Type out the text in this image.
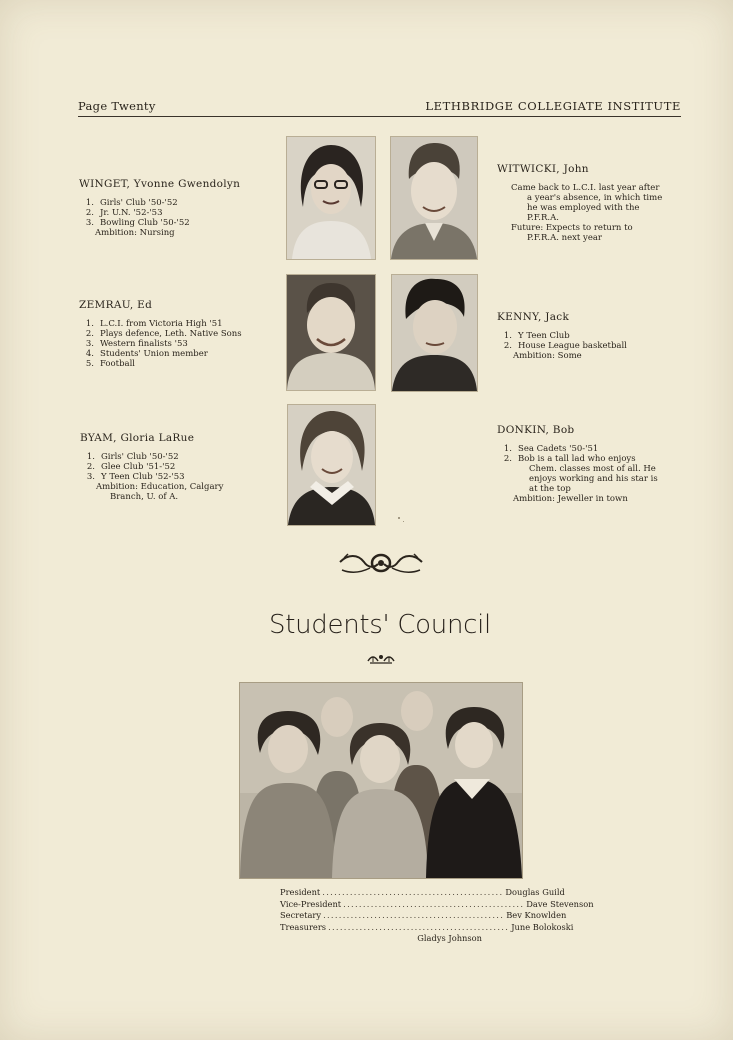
Page Twenty	LETHBRIDGE COLLEGIATE INSTITUTE
WINGET, Yvonne Gwendolyn
1. Girls' Club '50-'52
2. Jr. U.N. '52-'53
3. Bowling Club '50-'52
Ambition: Nursing
WITWICKI, John
Came back to L.C.I. last year after
a year's absence, in which time
he was employed with the
P.F.R.A.
Future: Expects to return to
P.F.R.A. next year
ZEMRAU, Ed
1. L.C.I. from Victoria High '51
2. Plays defence, Leth. Native Sons
3. Western finalists '53
4. Students' Union member
5. Football
KENNY, Jack
1. Y Teen Club
2. House League basketball
Ambition: Some
BYAM, Gloria LaRue
1. Girls' Club '50-'52
2. Glee Club '51-'52
3. Y Teen Club '52-'53
Ambition: Education, Calgary
Branch, U. of A.
DONKIN, Bob
1. Sea Cadets '50-'51
2. Bob is a tall lad who enjoys
Chem. classes most of all. He
enjoys working and his star is
at the top
Ambition: Jeweller in town
Students' Council
President .............................................. Douglas Guild
Vice-President .............................................. Dave Stevenson
Secretary .............................................. Bev Knowlden
Treasurers .............................................. June Bolokoski
Gladys Johnson
